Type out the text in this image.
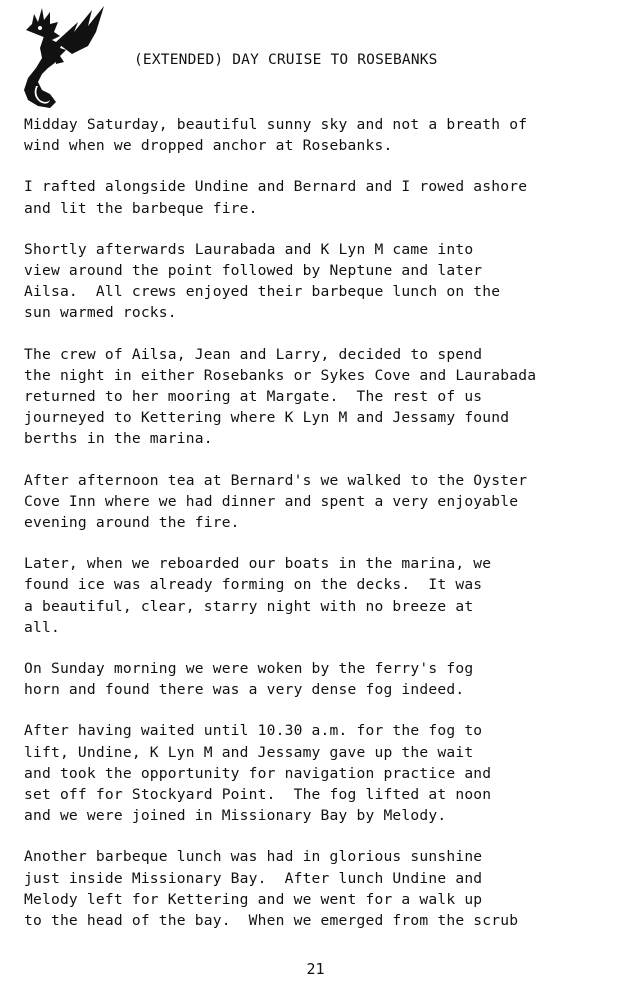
(EXTENDED) DAY CRUISE TO ROSEBANKS
Midday Saturday, beautiful sunny sky and not a breath of
wind when we dropped anchor at Rosebanks.
I rafted alongside Undine and Bernard and I rowed ashore
and lit the barbeque fire.
Shortly afterwards Laurabada and K Lyn M came into
view around the point followed by Neptune and later
Ailsa.  All crews enjoyed their barbeque lunch on the
sun warmed rocks.
The crew of Ailsa, Jean and Larry, decided to spend
the night in either Rosebanks or Sykes Cove and Laurabada
returned to her mooring at Margate.  The rest of us
journeyed to Kettering where K Lyn M and Jessamy found
berths in the marina.
After afternoon tea at Bernard's we walked to the Oyster
Cove Inn where we had dinner and spent a very enjoyable
evening around the fire.
Later, when we reboarded our boats in the marina, we
found ice was already forming on the decks.  It was
a beautiful, clear, starry night with no breeze at
all.
On Sunday morning we were woken by the ferry's fog
horn and found there was a very dense fog indeed.
After having waited until 10.30 a.m. for the fog to
lift, Undine, K Lyn M and Jessamy gave up the wait
and took the opportunity for navigation practice and
set off for Stockyard Point.  The fog lifted at noon
and we were joined in Missionary Bay by Melody.
Another barbeque lunch was had in glorious sunshine
just inside Missionary Bay.  After lunch Undine and
Melody left for Kettering and we went for a walk up
to the head of the bay.  When we emerged from the scrub
21
